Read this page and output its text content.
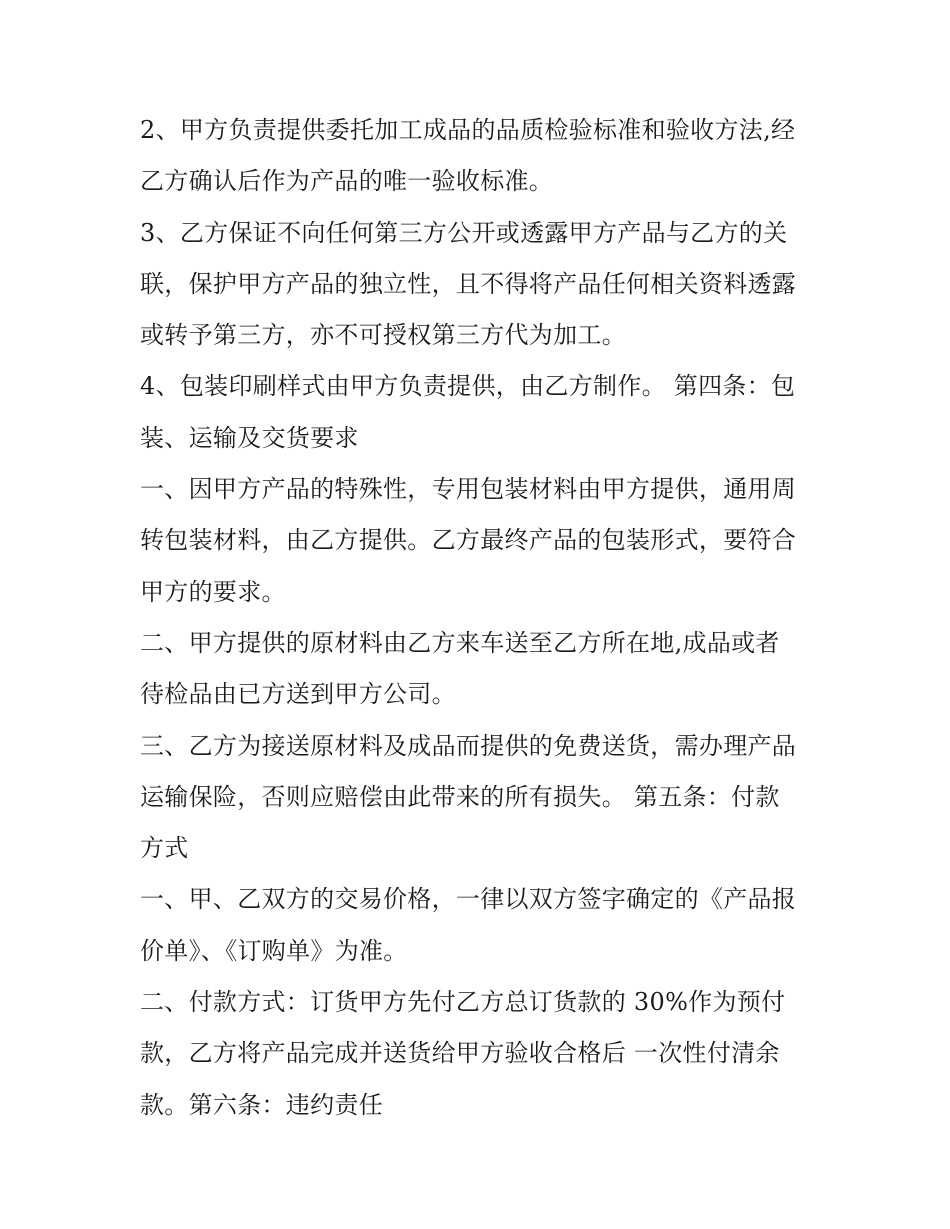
2、甲方负责提供委托加工成品的品质检验标准和验收方法,经
乙方确认后作为产品的唯一验收标准。
3、乙方保证不向任何第三方公开或透露甲方产品与乙方的关
联，保护甲方产品的独立性，且不得将产品任何相关资料透露
或转予第三方，亦不可授权第三方代为加工。
4、包装印刷样式由甲方负责提供，由乙方制作。 第四条：包
装、运输及交货要求
一、因甲方产品的特殊性，专用包装材料由甲方提供，通用周
转包装材料，由乙方提供。乙方最终产品的包装形式，要符合
甲方的要求。
二、甲方提供的原材料由乙方来车送至乙方所在地,成品或者
待检品由已方送到甲方公司。
三、乙方为接送原材料及成品而提供的免费送货，需办理产品
运输保险，否则应赔偿由此带来的所有损失。 第五条：付款
方式
一、甲、乙双方的交易价格，一律以双方签字确定的《产品报
价单》、《订购单》为准。
二、付款方式：订货甲方先付乙方总订货款的 30%作为预付
款，乙方将产品完成并送货给甲方验收合格后 一次性付清余
款。第六条：违约责任
